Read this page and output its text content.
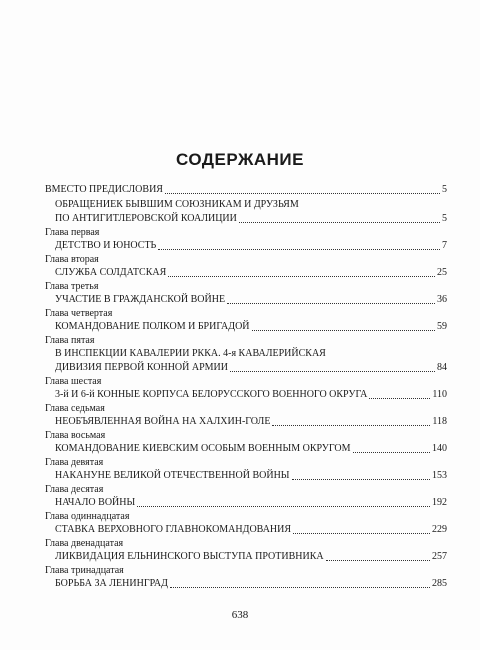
СОДЕРЖАНИЕ
ВМЕСТО ПРЕДИСЛОВИЯ	5
ОБРАЩЕНИЕК БЫВШИМ СОЮЗНИКАМ И ДРУЗЬЯМ
ПО АНТИГИТЛЕРОВСКОЙ КОАЛИЦИИ	5
Глава первая
ДЕТСТВО И ЮНОСТЬ	7
Глава вторая
СЛУЖБА СОЛДАТСКАЯ	25
Глава третья
УЧАСТИЕ В ГРАЖДАНСКОЙ ВОЙНЕ	36
Глава четвертая
КОМАНДОВАНИЕ ПОЛКОМ И БРИГАДОЙ	59
Глава пятая
В ИНСПЕКЦИИ КАВАЛЕРИИ РККА. 4-я КАВАЛЕРИЙСКАЯ
ДИВИЗИЯ ПЕРВОЙ КОННОЙ АРМИИ	84
Глава шестая
3-й И 6-й КОННЫЕ КОРПУСА БЕЛОРУССКОГО ВОЕННОГО ОКРУГА	110
Глава седьмая
НЕОБЪЯВЛЕННАЯ ВОЙНА НА ХАЛХИН-ГОЛЕ	118
Глава восьмая
КОМАНДОВАНИЕ КИЕВСКИМ ОСОБЫМ ВОЕННЫМ ОКРУГОМ	140
Глава девятая
НАКАНУНЕ ВЕЛИКОЙ ОТЕЧЕСТВЕННОЙ ВОЙНЫ	153
Глава десятая
НАЧАЛО ВОЙНЫ	192
Глава одиннадцатая
СТАВКА ВЕРХОВНОГО ГЛАВНОКОМАНДОВАНИЯ	229
Глава двенадцатая
ЛИКВИДАЦИЯ ЕЛЬНИНСКОГО ВЫСТУПА ПРОТИВНИКА	257
Глава тринадцатая
БОРЬБА ЗА ЛЕНИНГРАД	285
638
